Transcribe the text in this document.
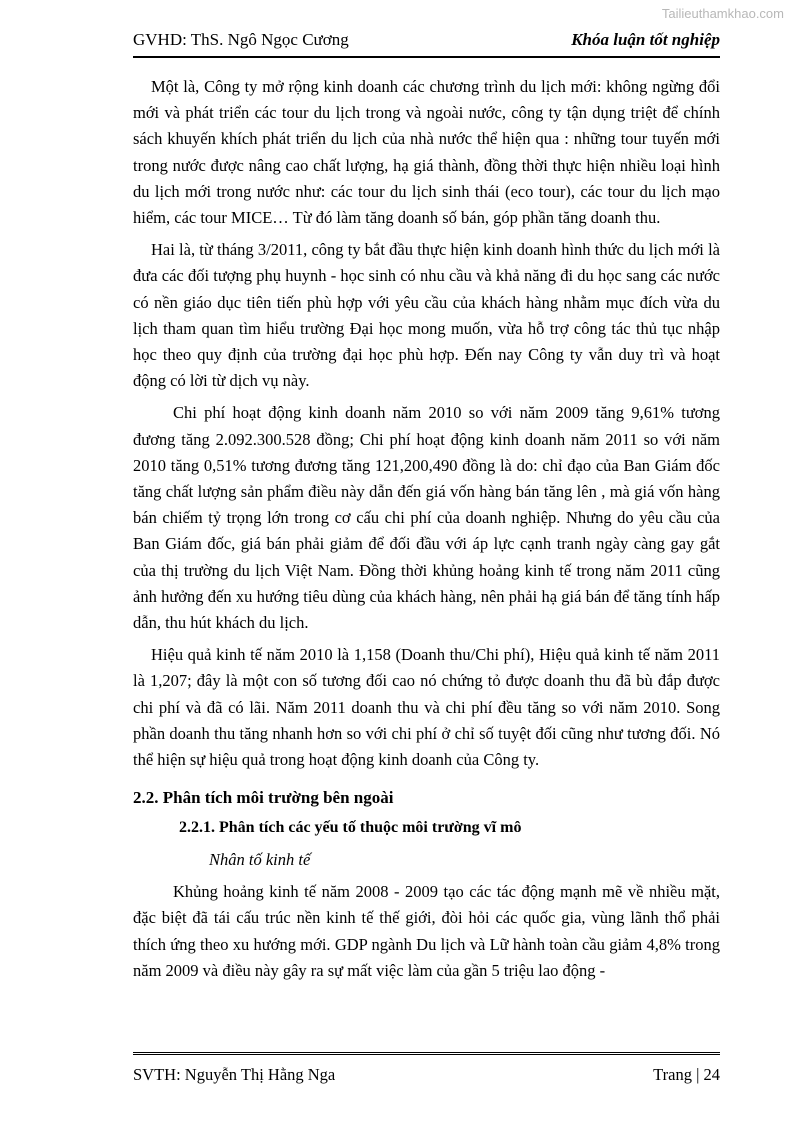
Tailieuthamkhao.com
GVHD: ThS. Ngô Ngọc Cương	Khóa luận tốt nghiệp

Một là, Công ty mở rộng kinh doanh các chương trình du lịch mới: không ngừng đổi mới và phát triển các tour du lịch trong và ngoài nước, công ty tận dụng triệt để chính sách khuyến khích phát triển du lịch của nhà nước thể hiện qua : những tour tuyến mới trong nước được nâng cao chất lượng, hạ giá thành, đồng thời thực hiện nhiều loại hình du lịch mới trong nước như: các tour du lịch sinh thái (eco tour), các tour du lịch mạo hiểm, các tour MICE… Từ đó làm tăng doanh số bán, góp phần tăng doanh thu.

Hai là, từ tháng 3/2011, công ty bắt đầu thực hiện kinh doanh hình thức du lịch mới là đưa các đối tượng phụ huynh - học sinh có nhu cầu và khả năng đi du học sang các nước có nền giáo dục tiên tiến phù hợp với yêu cầu của khách hàng nhằm mục đích vừa du lịch tham quan tìm hiểu trường Đại học mong muốn, vừa hỗ trợ công tác thủ tục nhập học theo quy định của trường đại học phù hợp. Đến nay Công ty vẫn duy trì và hoạt động có lời từ dịch vụ này.

Chi phí hoạt động kinh doanh năm 2010 so với năm 2009 tăng 9,61% tương đương tăng 2.092.300.528 đồng; Chi phí hoạt động kinh doanh năm 2011 so với năm 2010 tăng 0,51% tương đương tăng 121,200,490 đồng là do: chỉ đạo của Ban Giám đốc tăng chất lượng sản phẩm điều này dẫn đến giá vốn hàng bán tăng lên , mà giá vốn hàng bán chiếm tỷ trọng lớn trong cơ cấu chi phí của doanh nghiệp. Nhưng do yêu cầu của Ban Giám đốc, giá bán phải giảm để đối đầu với áp lực cạnh tranh ngày càng gay gắt của thị trường du lịch Việt Nam. Đồng thời khủng hoảng kinh tế trong năm 2011 cũng ảnh hưởng đến xu hướng tiêu dùng của khách hàng, nên phải hạ giá bán để tăng tính hấp dẫn, thu hút khách du lịch.

Hiệu quả kinh tế năm 2010 là 1,158 (Doanh thu/Chi phí), Hiệu quả kinh tế năm 2011 là 1,207; đây là một con số tương đối cao nó chứng tỏ được doanh thu đã bù đắp được chi phí và đã có lãi. Năm 2011 doanh thu và chi phí đều tăng so với năm 2010. Song phần doanh thu tăng nhanh hơn so với chi phí ở chỉ số tuyệt đối cũng như tương đối. Nó thể hiện sự hiệu quả trong hoạt động kinh doanh của Công ty.

2.2. Phân tích môi trường bên ngoài
2.2.1. Phân tích các yếu tố thuộc môi trường vĩ mô
Nhân tố kinh tế

Khủng hoảng kinh tế năm 2008 - 2009 tạo các tác động mạnh mẽ về nhiều mặt, đặc biệt đã tái cấu trúc nền kinh tế thế giới, đòi hỏi các quốc gia, vùng lãnh thổ phải thích ứng theo xu hướng mới. GDP ngành Du lịch và Lữ hành toàn cầu giảm 4,8% trong năm 2009 và điều này gây ra sự mất việc làm của gần 5 triệu lao động -

SVTH: Nguyễn Thị Hằng Nga	Trang | 24
